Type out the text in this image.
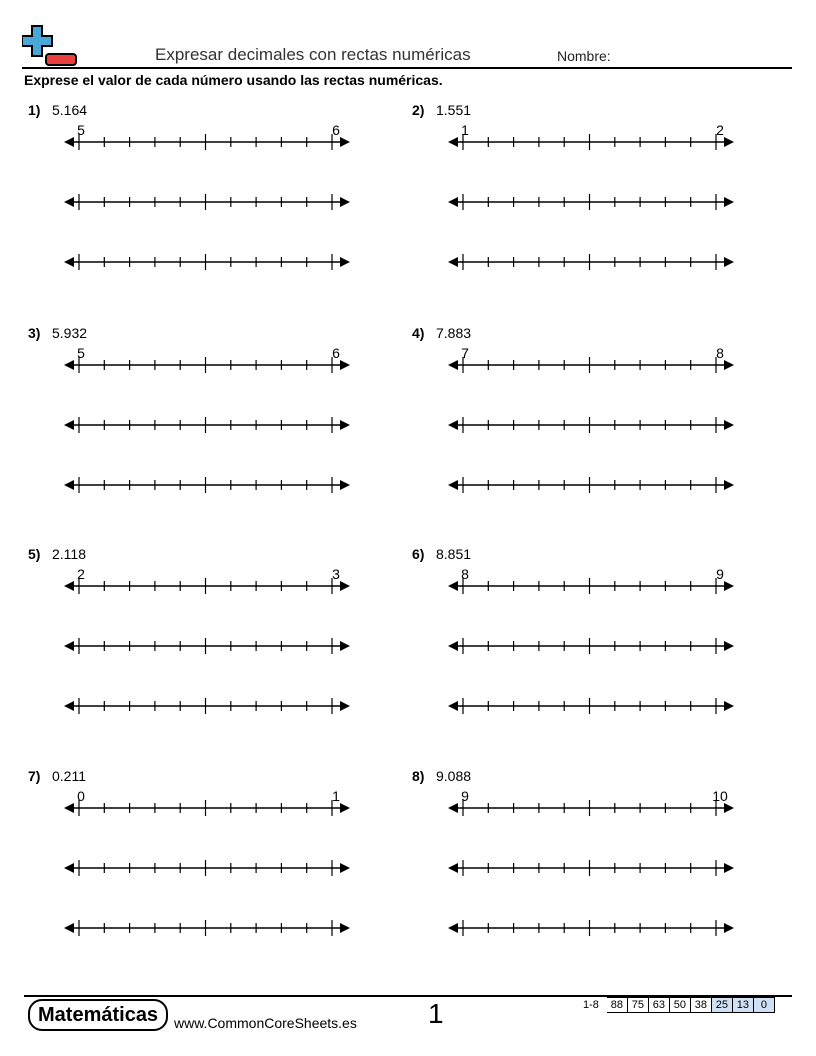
Expresar decimales con rectas numéricas	Nombre:
Exprese el valor de cada número usando las rectas numéricas.
1) 5.164
5	6
2) 1.551
1	2
3) 5.932
5	6
4) 7.883
7	8
5) 2.118
2	3
6) 8.851
8	9
7) 0.211
0	1
8) 9.088
9	10
Matemáticas	www.CommonCoreSheets.es	1	1-8	88 75 63 50 38 25 13	0
